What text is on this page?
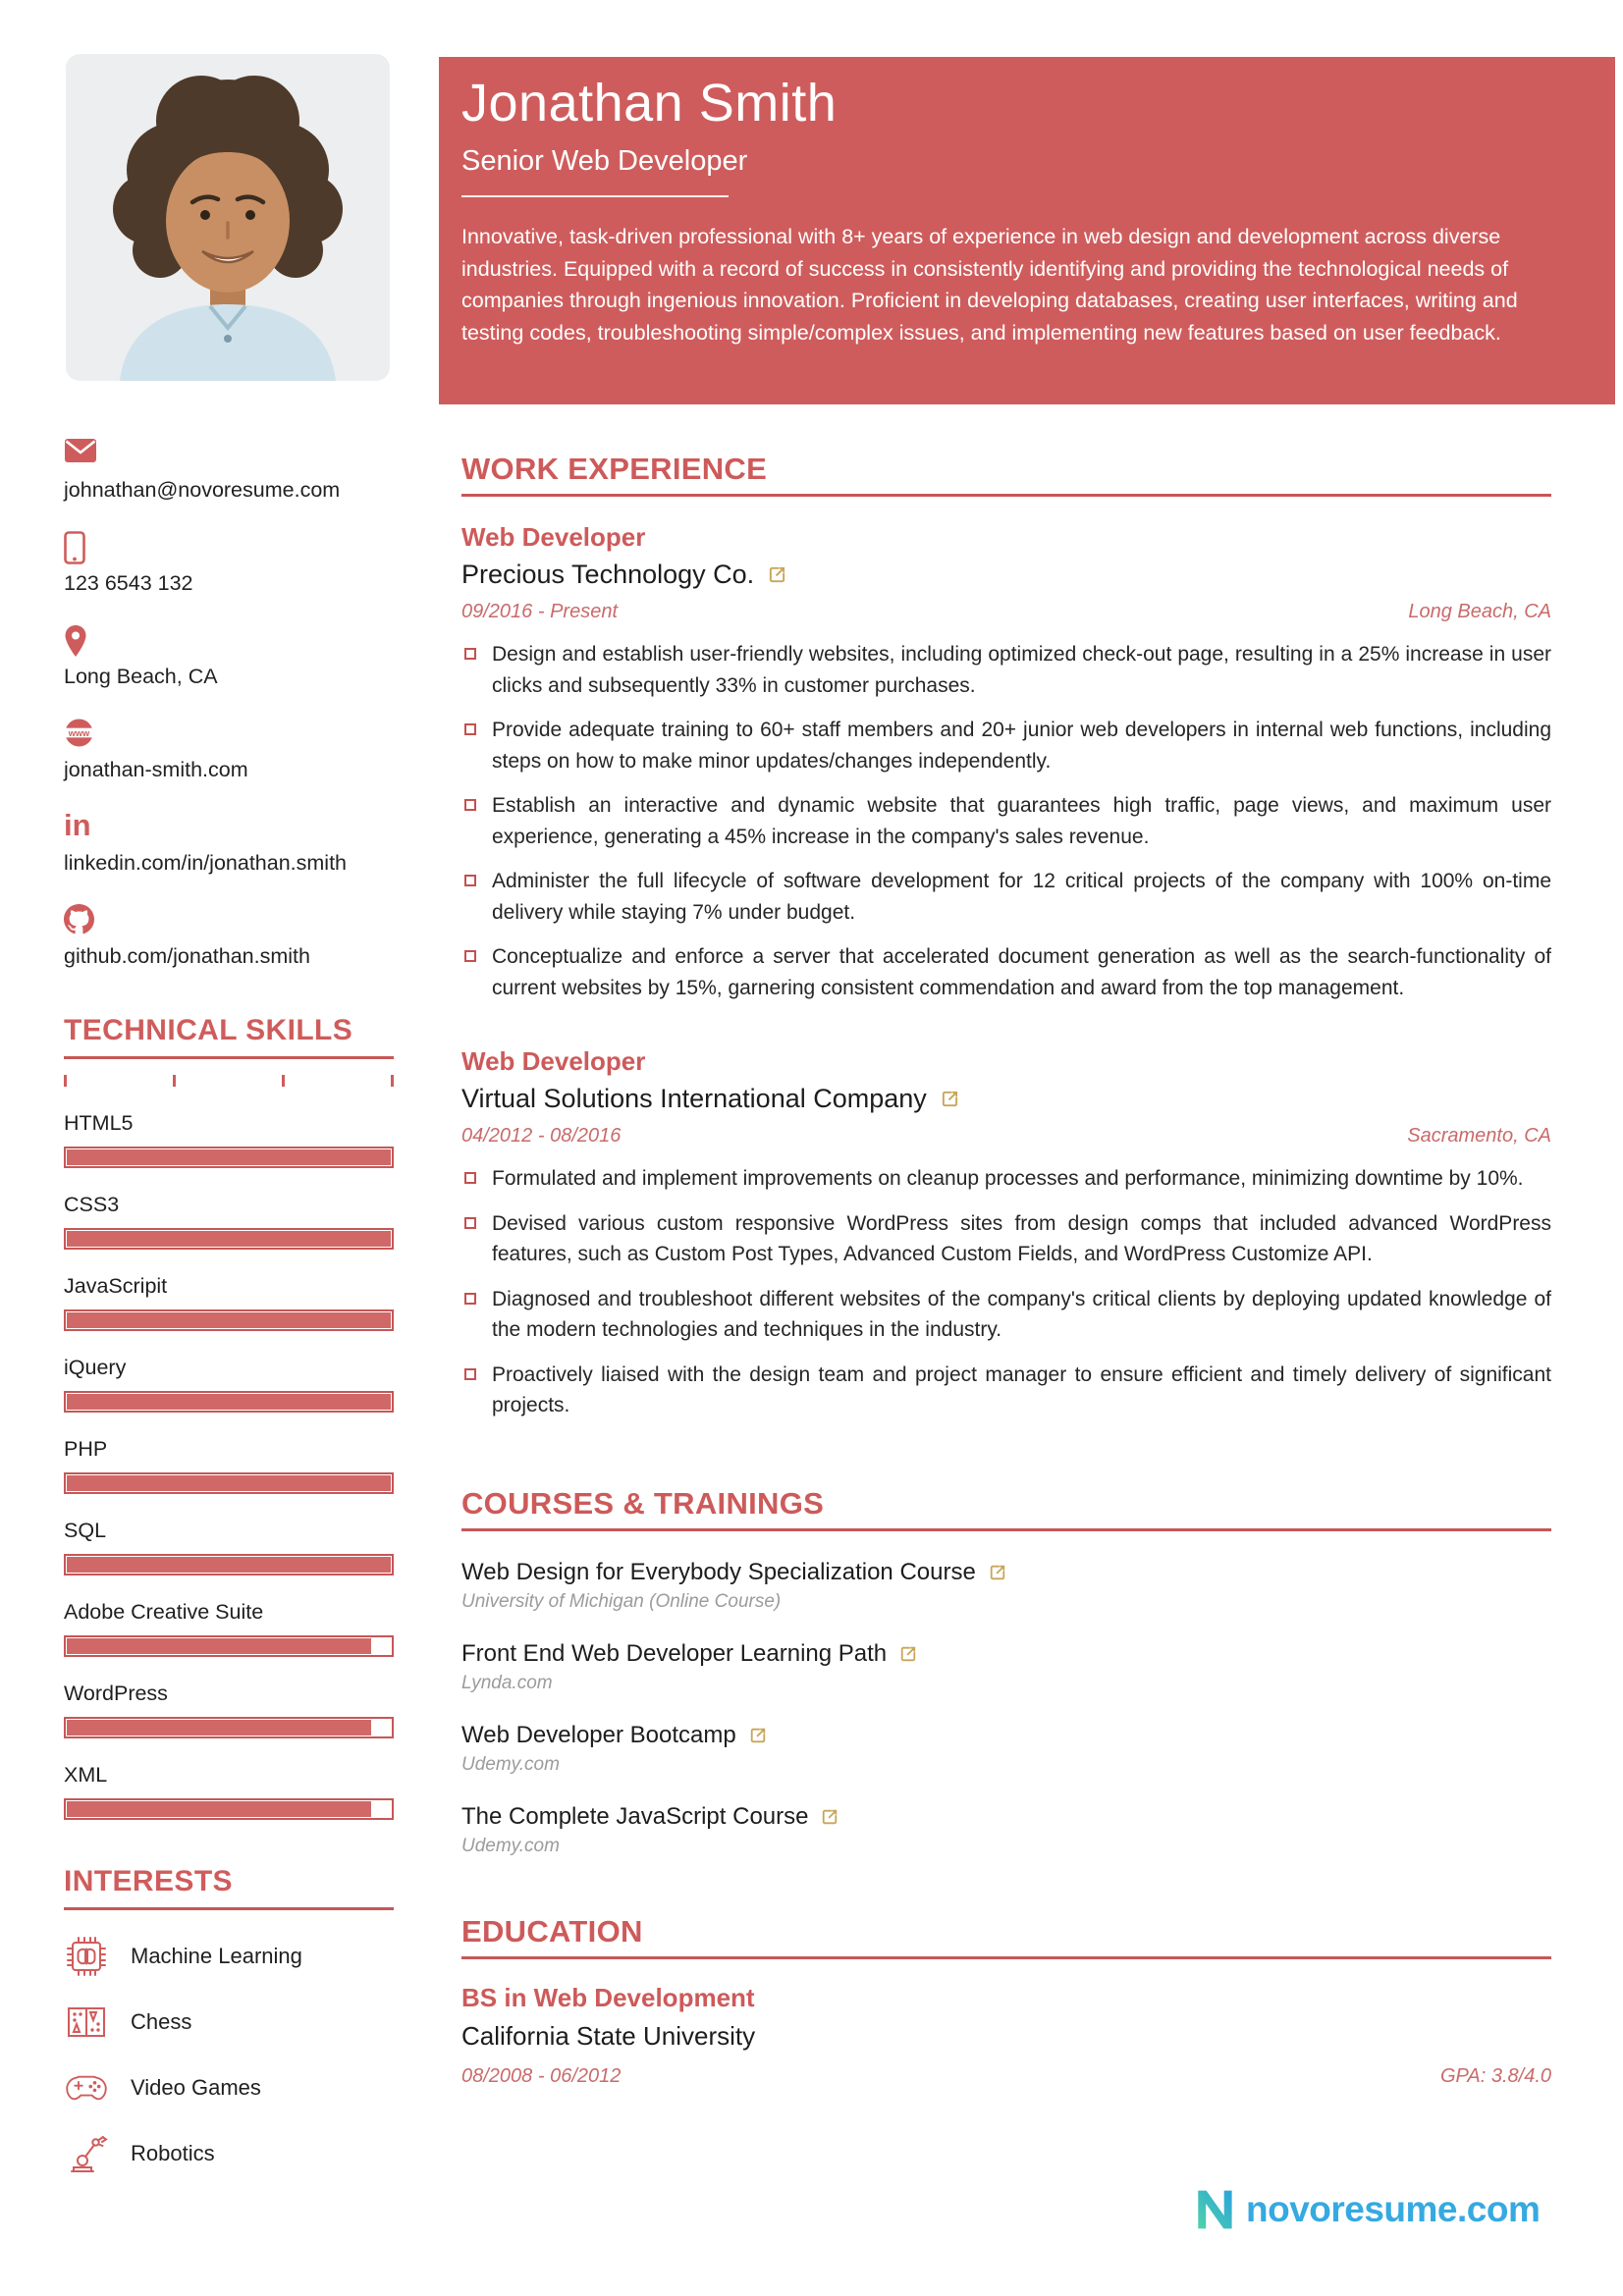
johnathan@novoresume.com
123 6543 132
Long Beach, CA
www
jonathan-smith.com
in
linkedin.com/in/jonathan.smith
github.com/jonathan.smith
TECHNICAL SKILLS
HTML5
CSS3
JavaScripit
iQuery
PHP
SQL
Adobe Creative Suite
WordPress
XML
INTERESTS
Machine Learning
Chess
Video Games
Robotics
Jonathan Smith
Senior Web Developer

Innovative, task-driven professional with 8+ years of experience in web design and development across diverse industries. Equipped with a record of success in consistently identifying and providing the technological needs of companies through ingenious innovation. Proficient in developing databases, creating user interfaces, writing and testing codes, troubleshooting simple/complex issues, and implementing new features based on user feedback.

WORK EXPERIENCE
Web Developer
Precious Technology Co.
09/2016 - Present	Long Beach, CA
Design and establish user-friendly websites, including optimized check-out page, resulting in a 25% increase in user clicks and subsequently 33% in customer purchases.
Provide adequate training to 60+ staff members and 20+ junior web developers in internal web functions, including steps on how to make minor updates/changes independently.
Establish an interactive and dynamic website that guarantees high traffic, page views, and maximum user experience, generating a 45% increase in the company's sales revenue.
Administer the full lifecycle of software development for 12 critical projects of the company with 100% on-time delivery while staying 7% under budget.
Conceptualize and enforce a server that accelerated document generation as well as the search-functionality of current websites by 15%, garnering consistent commendation and award from the top management.
Web Developer
Virtual Solutions International Company
04/2012 - 08/2016	Sacramento, CA
Formulated and implement improvements on cleanup processes and performance, minimizing downtime by 10%.
Devised various custom responsive WordPress sites from design comps that included advanced WordPress features, such as Custom Post Types, Advanced Custom Fields, and WordPress Customize API.
Diagnosed and troubleshoot different websites of the company's critical clients by deploying updated knowledge of the modern technologies and techniques in the industry.
Proactively liaised with the design team and project manager to ensure efficient and timely delivery of significant projects.
COURSES & TRAININGS
Web Design for Everybody Specialization Course
University of Michigan (Online Course)
Front End Web Developer Learning Path
Lynda.com
Web Developer Bootcamp
Udemy.com
The Complete JavaScript Course
Udemy.com
EDUCATION
BS in Web Development
California State University
08/2008 - 06/2012	GPA: 3.8/4.0
novoresume.com
